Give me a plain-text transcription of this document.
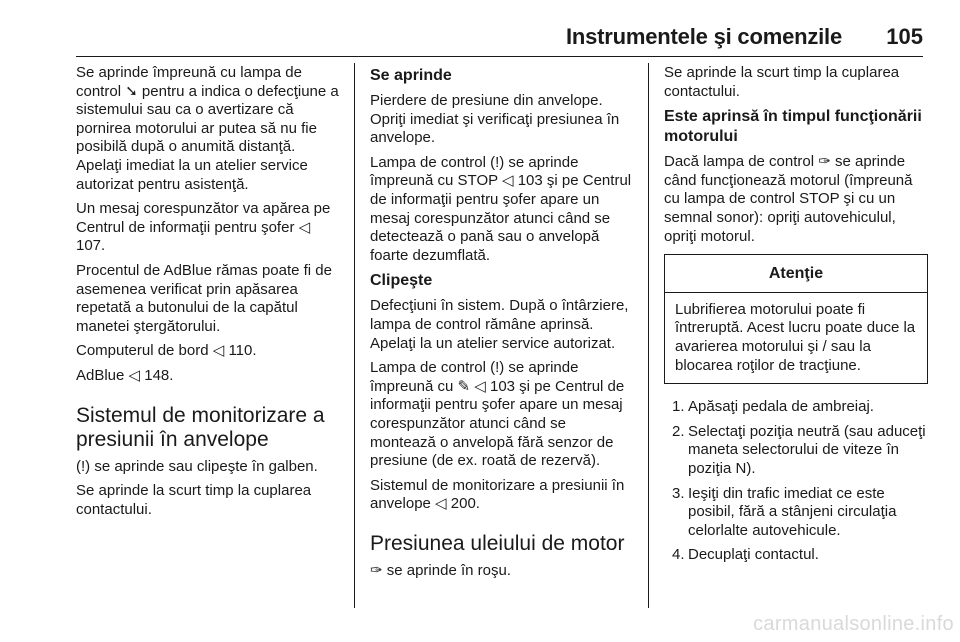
Instrumentele şi comenzile 105

Se aprinde împreună cu lampa de control ➘ pentru a indica o defecţiune a sistemului sau ca o avertizare că pornirea motorului ar putea să nu fie posibilă după o anumită distanţă. Apelaţi imediat la un atelier service autorizat pentru asistenţă.

Un mesaj corespunzător va apărea pe Centrul de informaţii pentru şofer ◁ 107.

Procentul de AdBlue rămas poate fi de asemenea verificat prin apăsarea repetată a butonului de la capătul manetei ştergătorului.

Computerul de bord ◁ 110.

AdBlue ◁ 148.

Sistemul de monitorizare a presiunii în anvelope

(!) se aprinde sau clipeşte în galben.

Se aprinde la scurt timp la cuplarea contactului.

Se aprinde

Pierdere de presiune din anvelope. Opriţi imediat şi verificaţi presiunea în anvelope.

Lampa de control (!) se aprinde împreună cu STOP ◁ 103 şi pe Centrul de informaţii pentru şofer apare un mesaj corespunzător atunci când se detectează o pană sau o anvelopă foarte dezumflată.

Clipeşte

Defecţiuni în sistem. După o întârziere, lampa de control rămâne aprinsă. Apelaţi la un atelier service autorizat.

Lampa de control (!) se aprinde împreună cu ✎ ◁ 103 şi pe Centrul de informaţii pentru şofer apare un mesaj corespunzător atunci când se montează o anvelopă fără senzor de presiune (de ex. roată de rezervă).

Sistemul de monitorizare a presiunii în anvelope ◁ 200.

Presiunea uleiului de motor

✑ se aprinde în roşu.

Se aprinde la scurt timp la cuplarea contactului.

Este aprinsă în timpul funcţionării motorului

Dacă lampa de control ✑ se aprinde când funcţionează motorul (împreună cu lampa de control STOP şi cu un semnal sonor): opriţi autovehiculul, opriţi motorul.

Atenţie
Lubrifierea motorului poate fi întreruptă. Acest lucru poate duce la avarierea motorului şi / sau la blocarea roţilor de tracţiune.
1. Apăsaţi pedala de ambreiaj.
2. Selectaţi poziţia neutră (sau aduceţi maneta selectorului de viteze în poziţia N).
3. Ieşiţi din trafic imediat ce este posibil, fără a stânjeni circulaţia celorlalte autovehicule.
4. Decuplaţi contactul.
carmanualsonline.info
